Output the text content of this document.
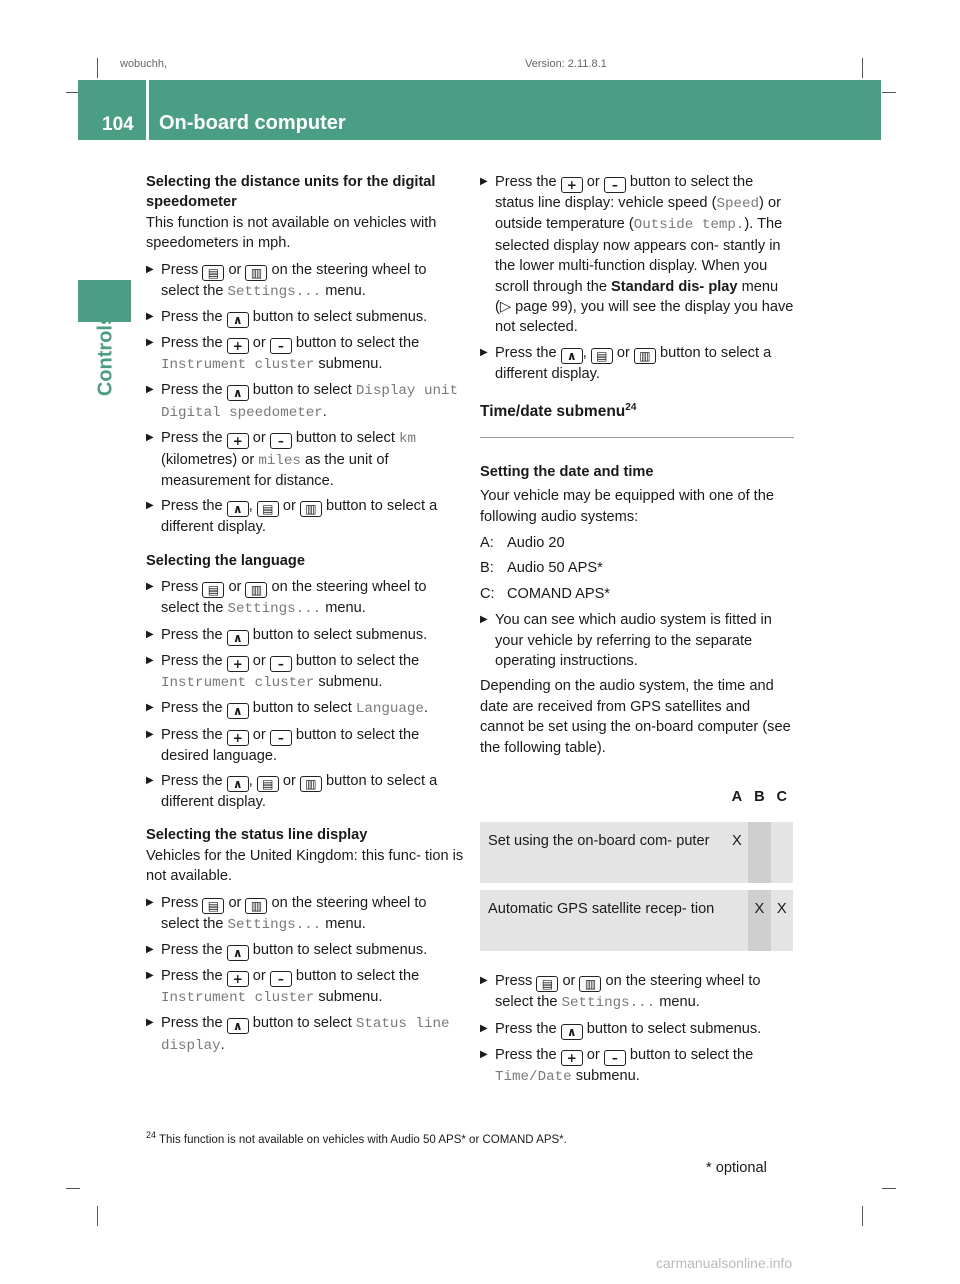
wobuchh,	Version: 2.11.8.1
104 On-board computer
Controls

Selecting the distance units for the digital speedometer

This function is not available on vehicles with speedometers in mph.

▶ Press ▤ or ▥ on the steering wheel to select the Settings... menu.
▶ Press the ∧ button to select submenus.
▶ Press the + or – button to select the Instrument cluster submenu.
▶ Press the ∧ button to select Display unit Digital speedometer.
▶ Press the + or – button to select km (kilometres) or miles as the unit of measurement for distance.
▶ Press the ∧ , ▤ or ▥ button to select a different display.

Selecting the language

▶ Press ▤ or ▥ on the steering wheel to select the Settings... menu.
▶ Press the ∧ button to select submenus.
▶ Press the + or – button to select the Instrument cluster submenu.
▶ Press the ∧ button to select Language.
▶ Press the + or – button to select the desired language.
▶ Press the ∧ , ▤ or ▥ button to select a different display.

Selecting the status line display

Vehicles for the United Kingdom: this func- tion is not available.

▶ Press ▤ or ▥ on the steering wheel to select the Settings... menu.
▶ Press the ∧ button to select submenus.
▶ Press the + or – button to select the Instrument cluster submenu.
▶ Press the ∧ button to select Status line display.
▶ Press the + or – button to select the status line display: vehicle speed (Speed) or outside temperature (Outside temp.). The selected display now appears con- stantly in the lower multi-function display. When you scroll through the Standard dis- play menu (▷ page 99), you will see the display you have not selected.
▶ Press the ∧ , ▤ or ▥ button to select a different display.
Time/date submenu$^{24}$

Setting the date and time

Your vehicle may be equipped with one of the following audio systems:

A: Audio 20
B: Audio 50 APS*
C: COMAND APS*
▶ You can see which audio system is fitted in your vehicle by referring to the separate operating instructions.

Depending on the audio system, the time and date are received from GPS satellites and cannot be set using the on-board computer (see the following table).

	A	B	C
Set using the on-board com- puter	X		

Automatic GPS satellite recep- tion		X	X
▶ Press ▤ or ▥ on the steering wheel to select the Settings... menu.
▶ Press the ∧ button to select submenus.
▶ Press the + or – button to select the Time/Date submenu.
$^{24}$ This function is not available on vehicles with Audio 50 APS* or COMAND APS*.
* optional
carmanualsonline.info
